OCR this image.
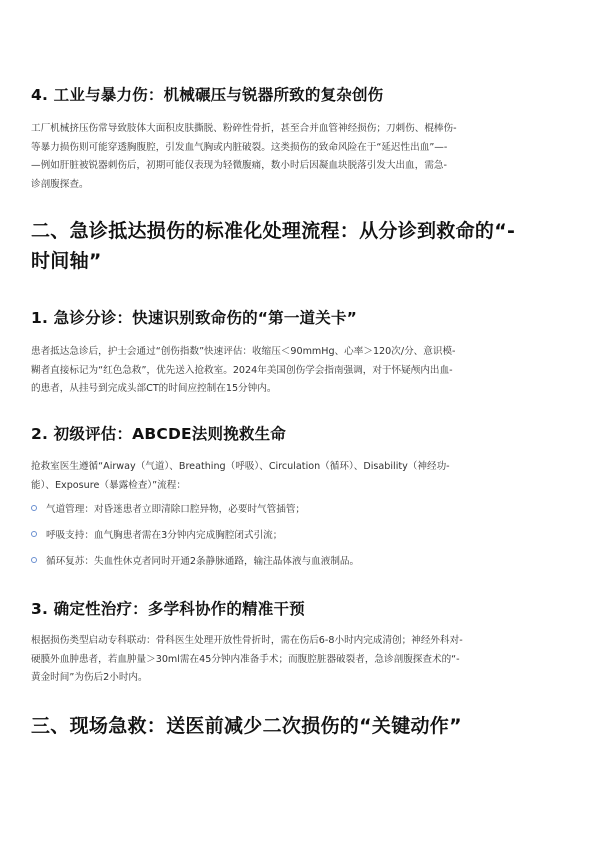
4. 工业与暴力伤：机械碾压与锐器所致的复杂创伤
工厂机械挤压伤常导致肢体大面积皮肤撕脱、粉碎性骨折，甚至合并血管神经损伤；刀刺伤、棍棒伤-
等暴力损伤则可能穿透胸腹腔，引发血气胸或内脏破裂。这类损伤的致命风险在于“延迟性出血”—-
—例如肝脏被锐器刺伤后，初期可能仅表现为轻微腹痛，数小时后因凝血块脱落引发大出血，需急-
诊剖腹探查。
二、急诊抵达损伤的标准化处理流程：从分诊到救命的“-
时间轴”
1. 急诊分诊：快速识别致命伤的“第一道关卡”
患者抵达急诊后，护士会通过“创伤指数”快速评估：收缩压＜90mmHg、心率＞120次/分、意识模-
糊者直接标记为“红色急救”，优先送入抢救室。2024年美国创伤学会指南强调，对于怀疑颅内出血-
的患者，从挂号到完成头部CT的时间应控制在15分钟内。
2. 初级评估：ABCDE法则挽救生命
抢救室医生遵循“Airway（气道）、Breathing（呼吸）、Circulation（循环）、Disability（神经功-
能）、Exposure（暴露检查）”流程：
气道管理：对昏迷患者立即清除口腔异物，必要时气管插管；
呼吸支持：血气胸患者需在3分钟内完成胸腔闭式引流；
循环复苏：失血性休克者同时开通2条静脉通路，输注晶体液与血液制品。
3. 确定性治疗：多学科协作的精准干预
根据损伤类型启动专科联动：骨科医生处理开放性骨折时，需在伤后6-8小时内完成清创；神经外科对-
硬膜外血肿患者，若血肿量＞30ml需在45分钟内准备手术；而腹腔脏器破裂者，急诊剖腹探查术的“-
黄金时间”为伤后2小时内。
三、现场急救：送医前减少二次损伤的“关键动作”
